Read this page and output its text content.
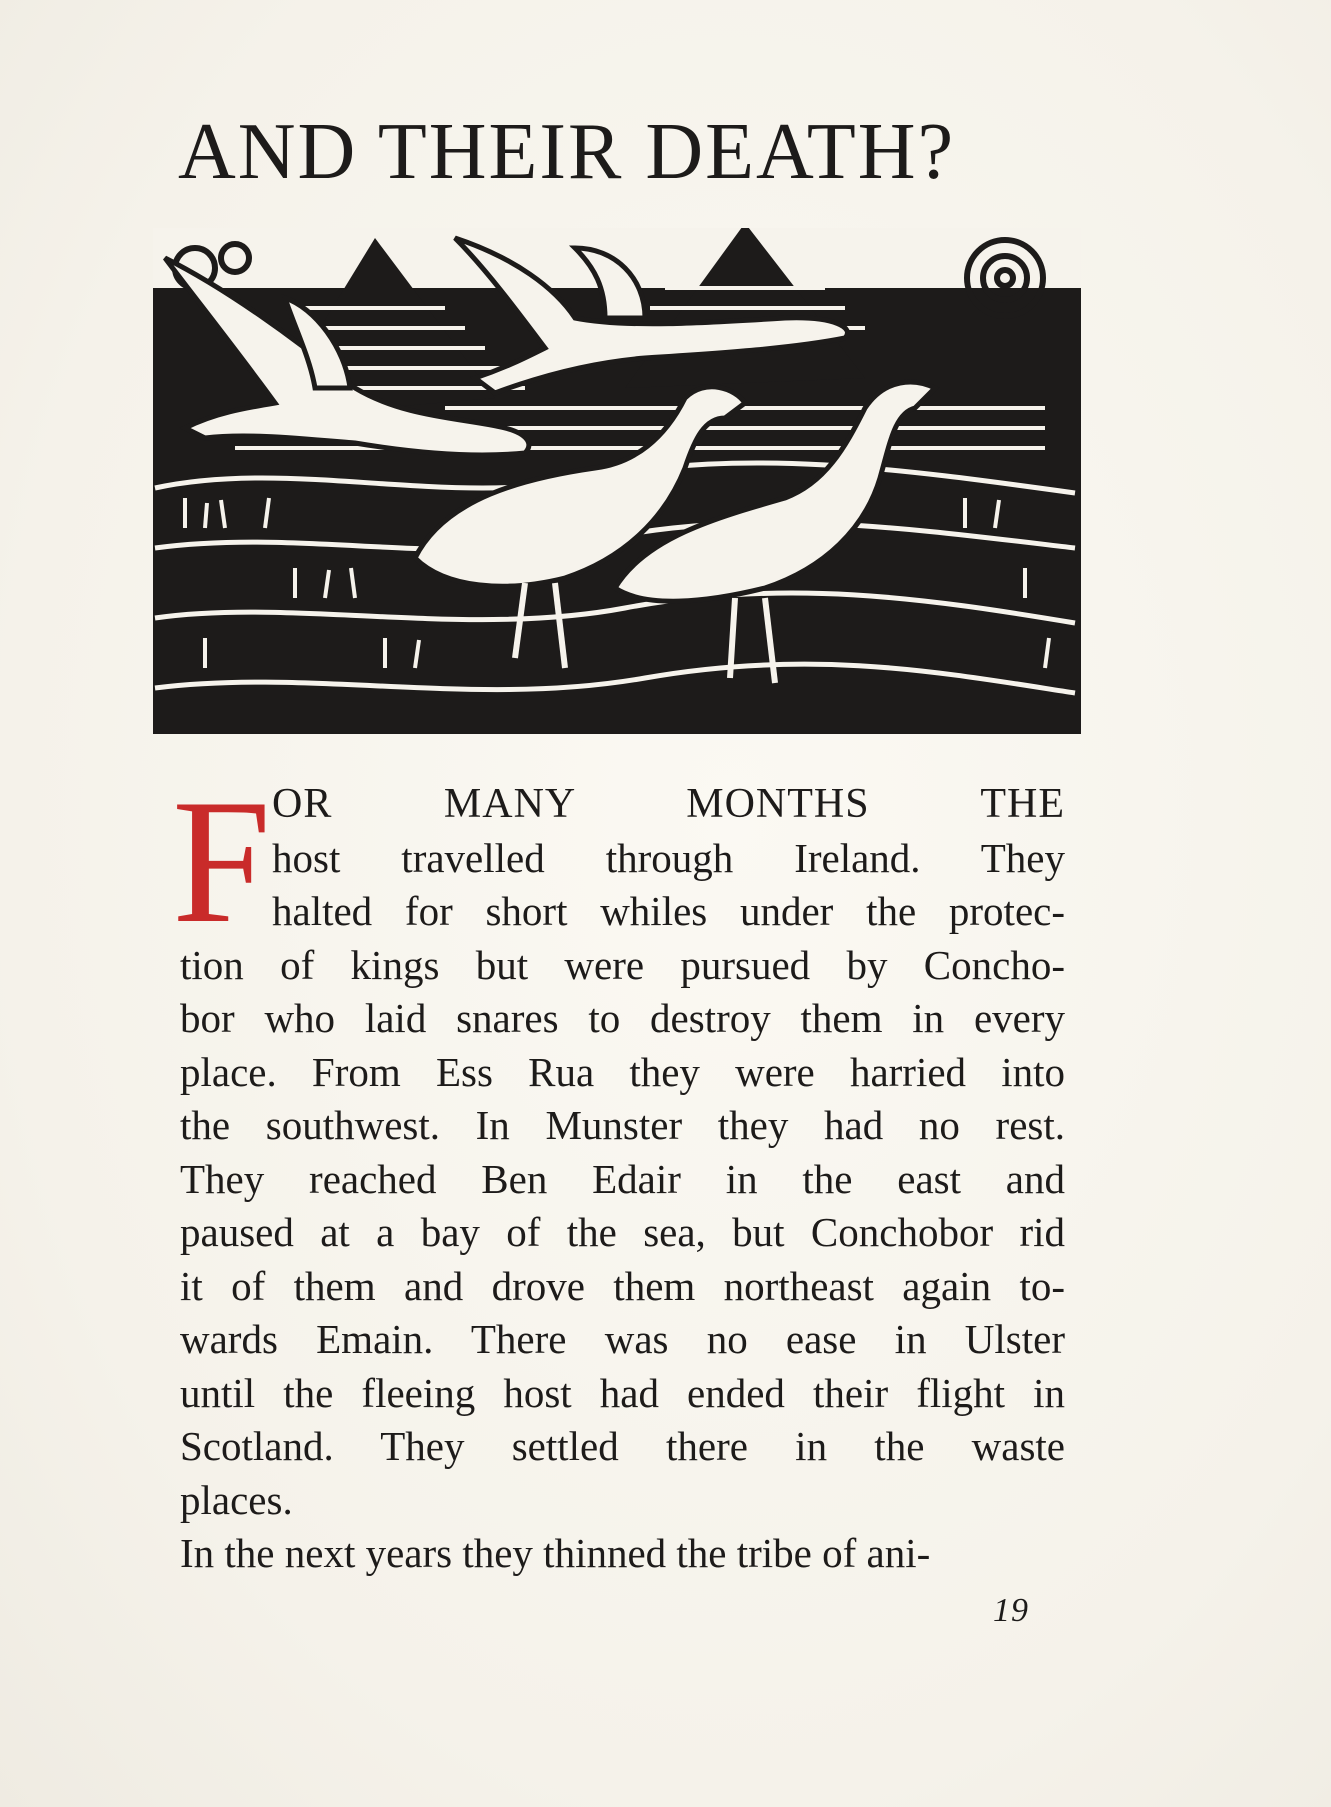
AND THEIR DEATH?
F OR MANY MONTHS THE
host travelled through Ireland. They
halted for short whiles under the protec-
tion of kings but were pursued by Concho-
bor who laid snares to destroy them in every
place. From Ess Rua they were harried into
the southwest. In Munster they had no rest.
They reached Ben Edair in the east and
paused at a bay of the sea, but Conchobor rid
it of them and drove them northeast again to-
wards Emain. There was no ease in Ulster
until the fleeing host had ended their flight in
Scotland. They settled there in the waste
places.
In the next years they thinned the tribe of ani-
19
